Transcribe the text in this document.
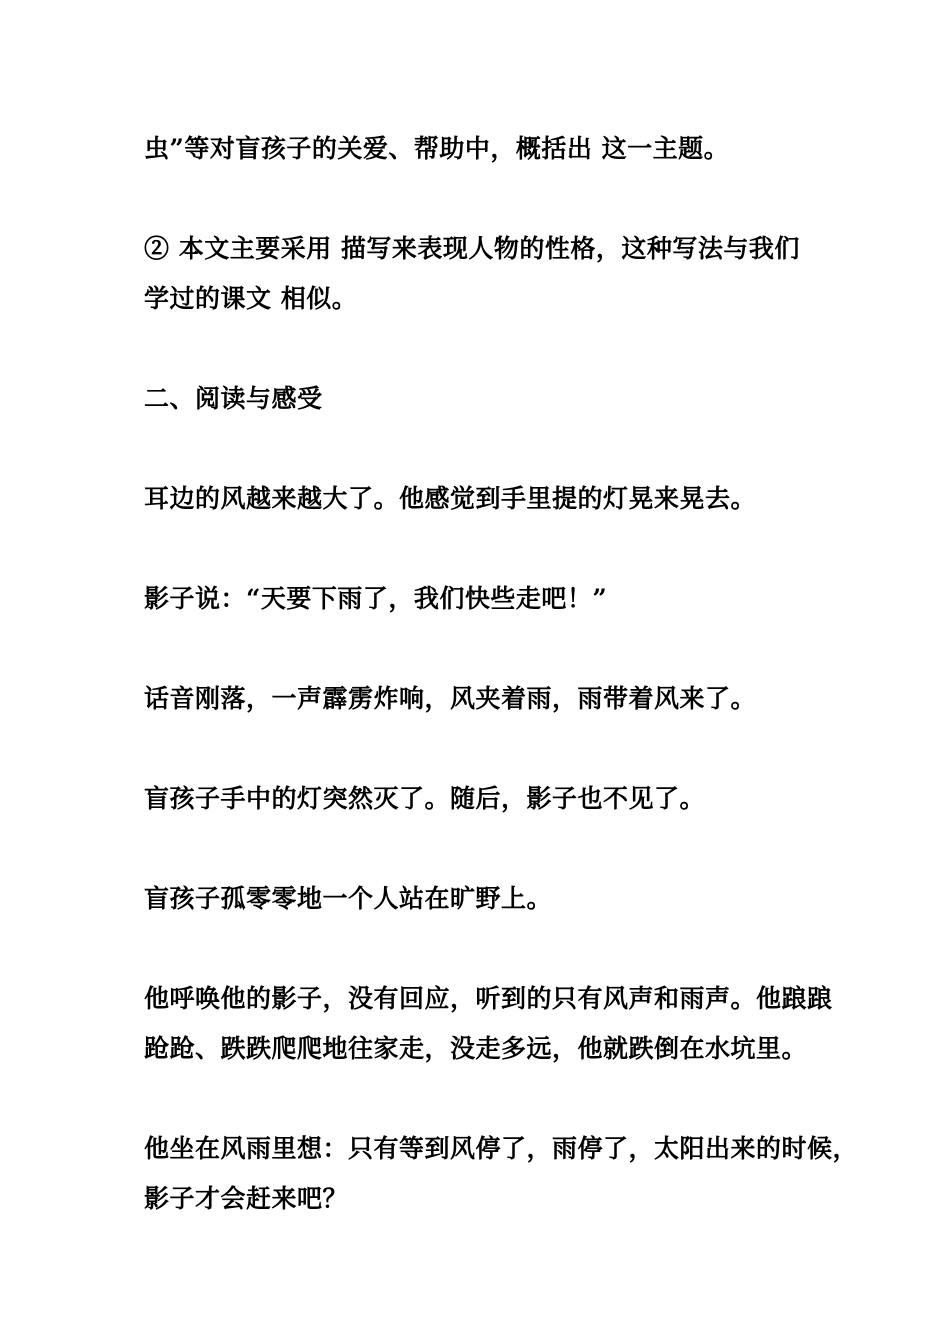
虫”等对盲孩子的关爱、帮助中，概括出 这一主题。

② 本文主要采用 描写来表现人物的性格，这种写法与我们
学过的课文 相似。

二、阅读与感受

耳边的风越来越大了。他感觉到手里提的灯晃来晃去。

影子说：“天要下雨了，我们快些走吧！”

话音刚落，一声霹雳炸响，风夹着雨，雨带着风来了。

盲孩子手中的灯突然灭了。随后，影子也不见了。

盲孩子孤零零地一个人站在旷野上。

他呼唤他的影子，没有回应，听到的只有风声和雨声。他踉踉
跄跄、跌跌爬爬地往家走，没走多远，他就跌倒在水坑里。

他坐在风雨里想：只有等到风停了，雨停了，太阳出来的时候，
影子才会赶来吧？
